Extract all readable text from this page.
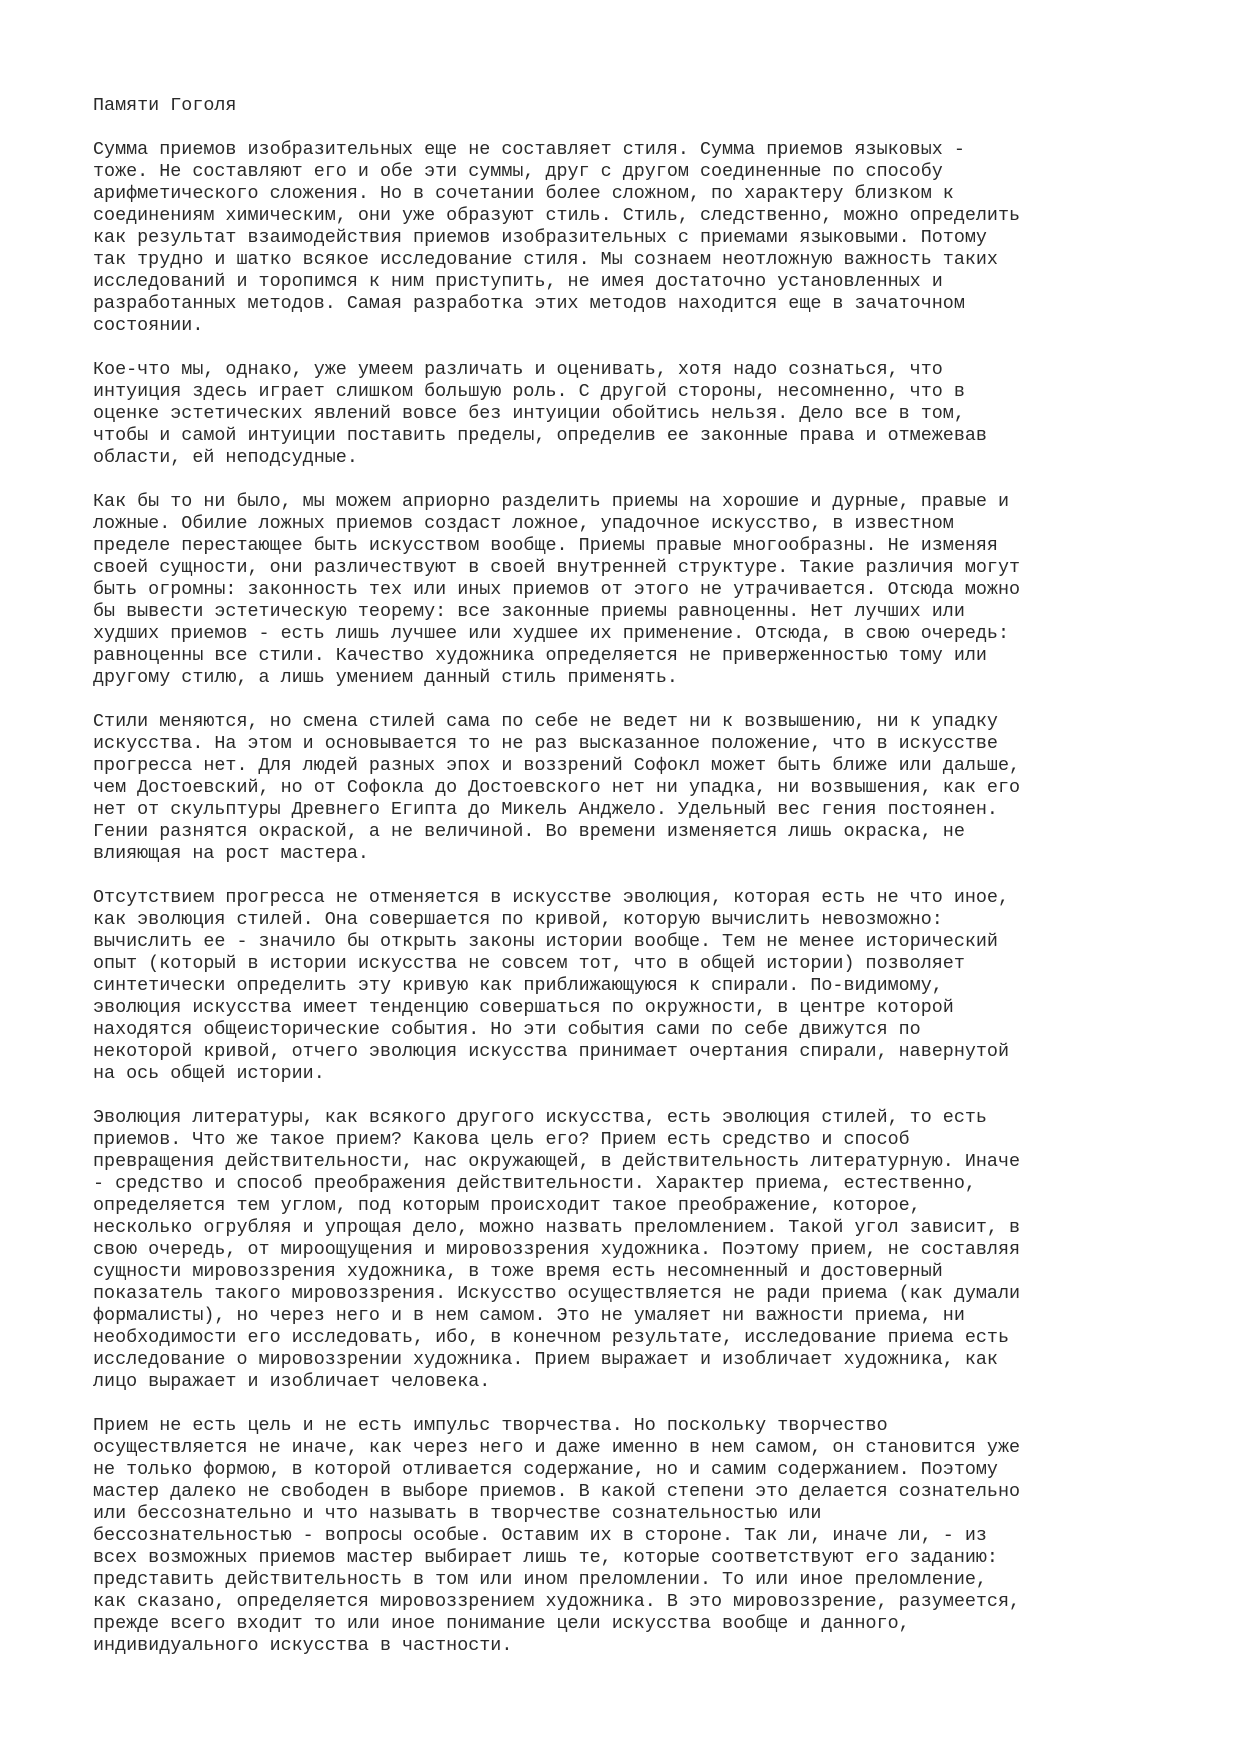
Памяти Гоголя
Сумма приемов изобразительных еще не составляет стиля. Сумма приемов языковых -
тоже. Не составляют его и обе эти суммы, друг с другом соединенные по способу
арифметического сложения. Но в сочетании более сложном, по характеру близком к
соединениям химическим, они уже образуют стиль. Стиль, следственно, можно определить
как результат взаимодействия приемов изобразительных с приемами языковыми. Потому
так трудно и шатко всякое исследование стиля. Мы сознаем неотложную важность таких
исследований и торопимся к ним приступить, не имея достаточно установленных и
разработанных методов. Самая разработка этих методов находится еще в зачаточном
состоянии.
Кое-что мы, однако, уже умеем различать и оценивать, хотя надо сознаться, что
интуиция здесь играет слишком большую роль. С другой стороны, несомненно, что в
оценке эстетических явлений вовсе без интуиции обойтись нельзя. Дело все в том,
чтобы и самой интуиции поставить пределы, определив ее законные права и отмежевав
области, ей неподсудные.
Как бы то ни было, мы можем априорно разделить приемы на хорошие и дурные, правые и
ложные. Обилие ложных приемов создаст ложное, упадочное искусство, в известном
пределе перестающее быть искусством вообще. Приемы правые многообразны. Не изменяя
своей сущности, они различествуют в своей внутренней структуре. Такие различия могут
быть огромны: законность тех или иных приемов от этого не утрачивается. Отсюда можно
бы вывести эстетическую теорему: все законные приемы равноценны. Нет лучших или
худших приемов - есть лишь лучшее или худшее их применение. Отсюда, в свою очередь:
равноценны все стили. Качество художника определяется не приверженностью тому или
другому стилю, а лишь умением данный стиль применять.
Стили меняются, но смена стилей сама по себе не ведет ни к возвышению, ни к упадку
искусства. На этом и основывается то не раз высказанное положение, что в искусстве
прогресса нет. Для людей разных эпох и воззрений Софокл может быть ближе или дальше,
чем Достоевский, но от Софокла до Достоевского нет ни упадка, ни возвышения, как его
нет от скульптуры Древнего Египта до Микель Анджело. Удельный вес гения постоянен.
Гении разнятся окраской, а не величиной. Во времени изменяется лишь окраска, не
влияющая на рост мастера.
Отсутствием прогресса не отменяется в искусстве эволюция, которая есть не что иное,
как эволюция стилей. Она совершается по кривой, которую вычислить невозможно:
вычислить ее - значило бы открыть законы истории вообще. Тем не менее исторический
опыт (который в истории искусства не совсем тот, что в общей истории) позволяет
синтетически определить эту кривую как приближающуюся к спирали. По-видимому,
эволюция искусства имеет тенденцию совершаться по окружности, в центре которой
находятся общеисторические события. Но эти события сами по себе движутся по
некоторой кривой, отчего эволюция искусства принимает очертания спирали, навернутой
на ось общей истории.
Эволюция литературы, как всякого другого искусства, есть эволюция стилей, то есть
приемов. Что же такое прием? Какова цель его? Прием есть средство и способ
превращения действительности, нас окружающей, в действительность литературную. Иначе
- средство и способ преображения действительности. Характер приема, естественно,
определяется тем углом, под которым происходит такое преображение, которое,
несколько огрубляя и упрощая дело, можно назвать преломлением. Такой угол зависит, в
свою очередь, от мироощущения и мировоззрения художника. Поэтому прием, не составляя
сущности мировоззрения художника, в тоже время есть несомненный и достоверный
показатель такого мировоззрения. Искусство осуществляется не ради приема (как думали
формалисты), но через него и в нем самом. Это не умаляет ни важности приема, ни
необходимости его исследовать, ибо, в конечном результате, исследование приема есть
исследование о мировоззрении художника. Прием выражает и изобличает художника, как
лицо выражает и изобличает человека.
Прием не есть цель и не есть импульс творчества. Но поскольку творчество
осуществляется не иначе, как через него и даже именно в нем самом, он становится уже
не только формою, в которой отливается содержание, но и самим содержанием. Поэтому
мастер далеко не свободен в выборе приемов. В какой степени это делается сознательно
или бессознательно и что называть в творчестве сознательностью или
бессознательностью - вопросы особые. Оставим их в стороне. Так ли, иначе ли, - из
всех возможных приемов мастер выбирает лишь те, которые соответствуют его заданию:
представить действительность в том или ином преломлении. То или иное преломление,
как сказано, определяется мировоззрением художника. В это мировоззрение, разумеется,
прежде всего входит то или иное понимание цели искусства вообще и данного,
индивидуального искусства в частности.
